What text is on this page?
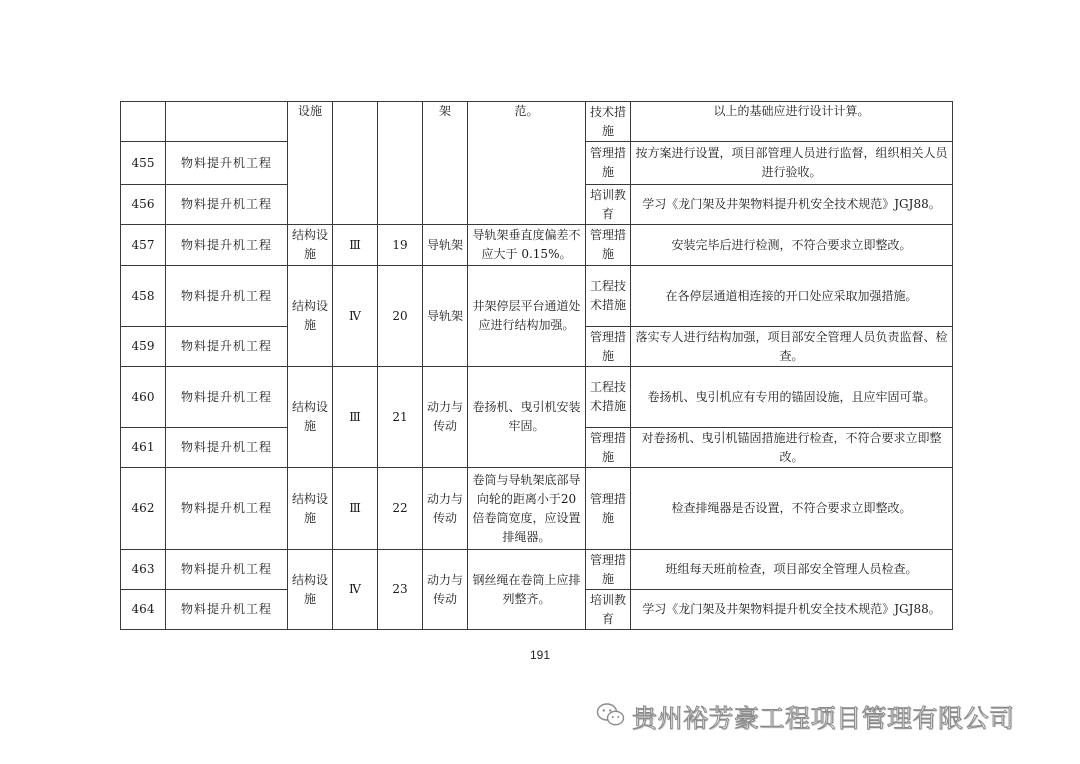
		设施			架	范。	技术措施	以上的基础应进行设计计算。
455	物料提升机工程						管理措施	按方案进行设置，项目部管理人员进行监督，组织相关人员进行验收。
456	物料提升机工程						培训教育	学习《龙门架及井架物料提升机安全技术规范》JGJ88。
457	物料提升机工程	结构设施	Ⅲ	19	导轨架	导轨架垂直度偏差不应大于 0.15%。	管理措施	安装完毕后进行检测，不符合要求立即整改。
458	物料提升机工程	结构设施	Ⅳ	20	导轨架	井架停层平台通道处应进行结构加强。	工程技术措施	在各停层通道相连接的开口处应采取加强措施。
459	物料提升机工程						管理措施	落实专人进行结构加强，项目部安全管理人员负责监督、检查。
460	物料提升机工程	结构设施	Ⅲ	21	动力与传动	卷扬机、曳引机安装牢固。	工程技术措施	卷扬机、曳引机应有专用的锚固设施，且应牢固可靠。
461	物料提升机工程						管理措施	对卷扬机、曳引机锚固措施进行检查，不符合要求立即整改。
462	物料提升机工程	结构设施	Ⅲ	22	动力与传动	卷筒与导轨架底部导向轮的距离小于20倍卷筒宽度，应设置排绳器。	管理措施	检查排绳器是否设置，不符合要求立即整改。
463	物料提升机工程	结构设施	Ⅳ	23	动力与传动	钢丝绳在卷筒上应排列整齐。	管理措施	班组每天班前检查，项目部安全管理人员检查。
464	物料提升机工程						培训教育	学习《龙门架及井架物料提升机安全技术规范》JGJ88。
191
贵州裕芳豪工程项目管理有限公司
